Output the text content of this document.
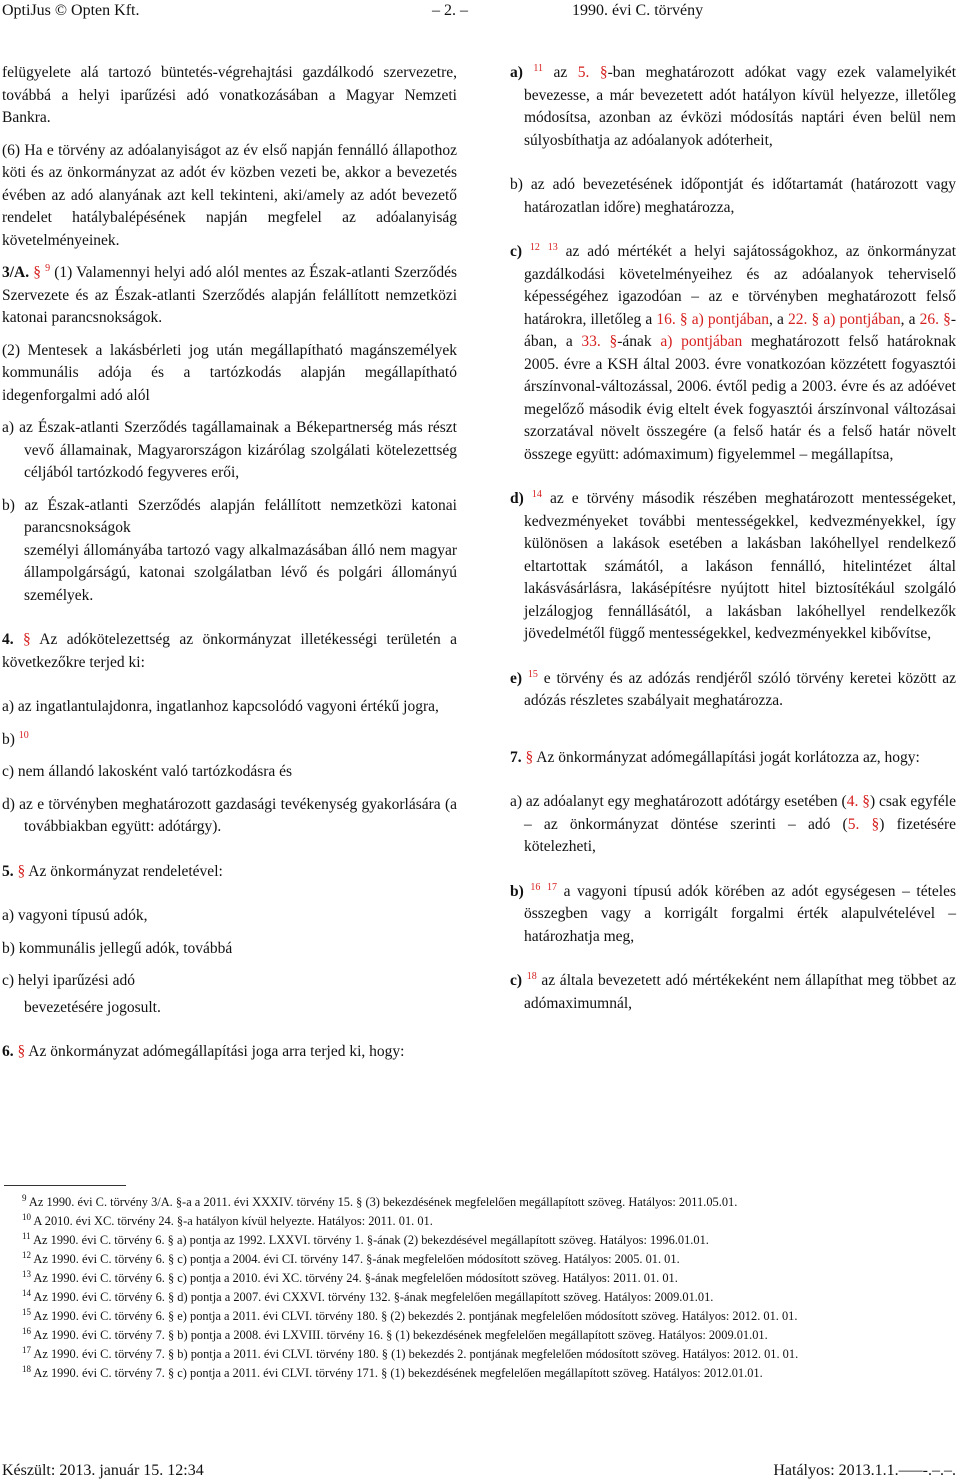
OptiJus © Opten Kft.	– 2. –	1990. évi C. törvény

felügyelete alá tartozó büntetés-végrehajtási gazdálkodó szervezetre, továbbá a helyi iparűzési adó vonatkozásában a Magyar Nemzeti Bankra.

(6) Ha e törvény az adóalanyiságot az év első napján fennálló állapothoz köti és az önkormányzat az adót év közben vezeti be, akkor a bevezetés évében az adó alanyának azt kell tekinteni, aki/amely az adót bevezető rendelet hatálybalépésének napján megfelel az adóalanyiság követelményeinek.

3/A. § $^9$ (1) Valamennyi helyi adó alól mentes az Észak-atlanti Szerződés Szervezete és az Észak-atlanti Szerződés alapján felállított nemzetközi katonai parancsnokságok.

(2) Mentesek a lakásbérleti jog után megállapítható magánszemélyek kommunális adója és a tartózkodás alapján megállapítható idegenforgalmi adó alól

a) az Észak-atlanti Szerződés tagállamainak a Békepartnerség más részt vevő államainak, Magyarországon kizárólag szolgálati kötelezettség céljából tartózkodó fegyveres erői,

b) az Észak-atlanti Szerződés alapján felállított nemzetközi katonai parancsnokságok

személyi állományába tartozó vagy alkalmazásában álló nem magyar állampolgárságú, katonai szolgálatban lévő és polgári állományú személyek.

4. § Az adókötelezettség az önkormányzat illetékességi területén a következőkre terjed ki:

a) az ingatlantulajdonra, ingatlanhoz kapcsolódó vagyoni értékű jogra,

b) $^{10}$

c) nem állandó lakosként való tartózkodásra és

d) az e törvényben meghatározott gazdasági tevékenység gyakorlására (a továbbiakban együtt: adótárgy).

5. § Az önkormányzat rendeletével:

a) vagyoni típusú adók,

b) kommunális jellegű adók, továbbá

c) helyi iparűzési adó

bevezetésére jogosult.

6. § Az önkormányzat adómegállapítási joga arra terjed ki, hogy:

a) $^{11}$ az 5. §-ban meghatározott adókat vagy ezek valamelyikét bevezesse, a már bevezetett adót hatályon kívül helyezze, illetőleg módosítsa, azonban az évközi módosítás naptári éven belül nem súlyosbíthatja az adóalanyok adóterheit,

b) az adó bevezetésének időpontját és időtartamát (határozott vagy határozatlan időre) meghatározza,

c) $^{12}$ $^{13}$ az adó mértékét a helyi sajátosságokhoz, az önkormányzat gazdálkodási követelményeihez és az adóalanyok teherviselő képességéhez igazodóan – az e törvényben meghatározott felső határokra, illetőleg a 16. § a) pontjában, a 22. § a) pontjában, a 26. §-ában, a 33. §-ának a) pontjában meghatározott felső határoknak 2005. évre a KSH által 2003. évre vonatkozóan közzétett fogyasztói árszínvonal-változással, 2006. évtől pedig a 2003. évre és az adóévet megelőző második évig eltelt évek fogyasztói árszínvonal változásai szorzatával növelt összegére (a felső határ és a felső határ növelt összege együtt: adómaximum) figyelemmel – megállapítsa,

d) $^{14}$ az e törvény második részében meghatározott mentességeket, kedvezményeket további mentességekkel, kedvezményekkel, így különösen a lakások esetében a lakásban lakóhellyel rendelkező eltartottak számától, a lakáson fennálló, hitelintézet által lakásvásárlásra, lakásépítésre nyújtott hitel biztosítékául szolgáló jelzálogjog fennállásától, a lakásban lakóhellyel rendelkezők jövedelmétől függő mentességekkel, kedvezményekkel kibővítse,

e) $^{15}$ e törvény és az adózás rendjéről szóló törvény keretei között az adózás részletes szabályait meghatározza.

7. § Az önkormányzat adómegállapítási jogát korlátozza az, hogy:

a) az adóalanyt egy meghatározott adótárgy esetében (4. §) csak egyféle – az önkormányzat döntése szerinti – adó (5. §) fizetésére kötelezheti,

b) $^{16}$ $^{17}$ a vagyoni típusú adók körében az adót egységesen – tételes összegben vagy a korrigált forgalmi érték alapulvételével – határozhatja meg,

c) $^{18}$ az általa bevezetett adó mértékeként nem állapíthat meg többet az adómaximumnál,

$^9$ Az 1990. évi C. törvény 3/A. §-a a 2011. évi XXXIV. törvény 15. § (3) bekezdésének megfelelően megállapított szöveg. Hatályos: 2011.05.01.

$^{10}$ A 2010. évi XC. törvény 24. §-a hatályon kívül helyezte. Hatályos: 2011. 01. 01.

$^{11}$ Az 1990. évi C. törvény 6. § a) pontja az 1992. LXXVI. törvény 1. §-ának (2) bekezdésével megállapított szöveg. Hatályos: 1996.01.01.

$^{12}$ Az 1990. évi C. törvény 6. § c) pontja a 2004. évi CI. törvény 147. §-ának megfelelően módosított szöveg. Hatályos: 2005. 01. 01.

$^{13}$ Az 1990. évi C. törvény 6. § c) pontja a 2010. évi XC. törvény 24. §-ának megfelelően módosított szöveg. Hatályos: 2011. 01. 01.

$^{14}$ Az 1990. évi C. törvény 6. § d) pontja a 2007. évi CXXVI. törvény 132. §-ának megfelelően megállapított szöveg. Hatályos: 2009.01.01.

$^{15}$ Az 1990. évi C. törvény 6. § e) pontja a 2011. évi CLVI. törvény 180. § (2) bekezdés 2. pontjának megfelelően módosított szöveg. Hatályos: 2012. 01. 01.

$^{16}$ Az 1990. évi C. törvény 7. § b) pontja a 2008. évi LXVIII. törvény 16. § (1) bekezdésének megfelelően megállapított szöveg. Hatályos: 2009.01.01.

$^{17}$ Az 1990. évi C. törvény 7. § b) pontja a 2011. évi CLVI. törvény 180. § (1) bekezdés 2. pontjának megfelelően módosított szöveg. Hatályos: 2012. 01. 01.

$^{18}$ Az 1990. évi C. törvény 7. § c) pontja a 2011. évi CLVI. törvény 171. § (1) bekezdésének megfelelően megállapított szöveg. Hatályos: 2012.01.01.

Készült: 2013. január 15. 12:34	Hatályos: 2013.1.1.–––-.–.–.
